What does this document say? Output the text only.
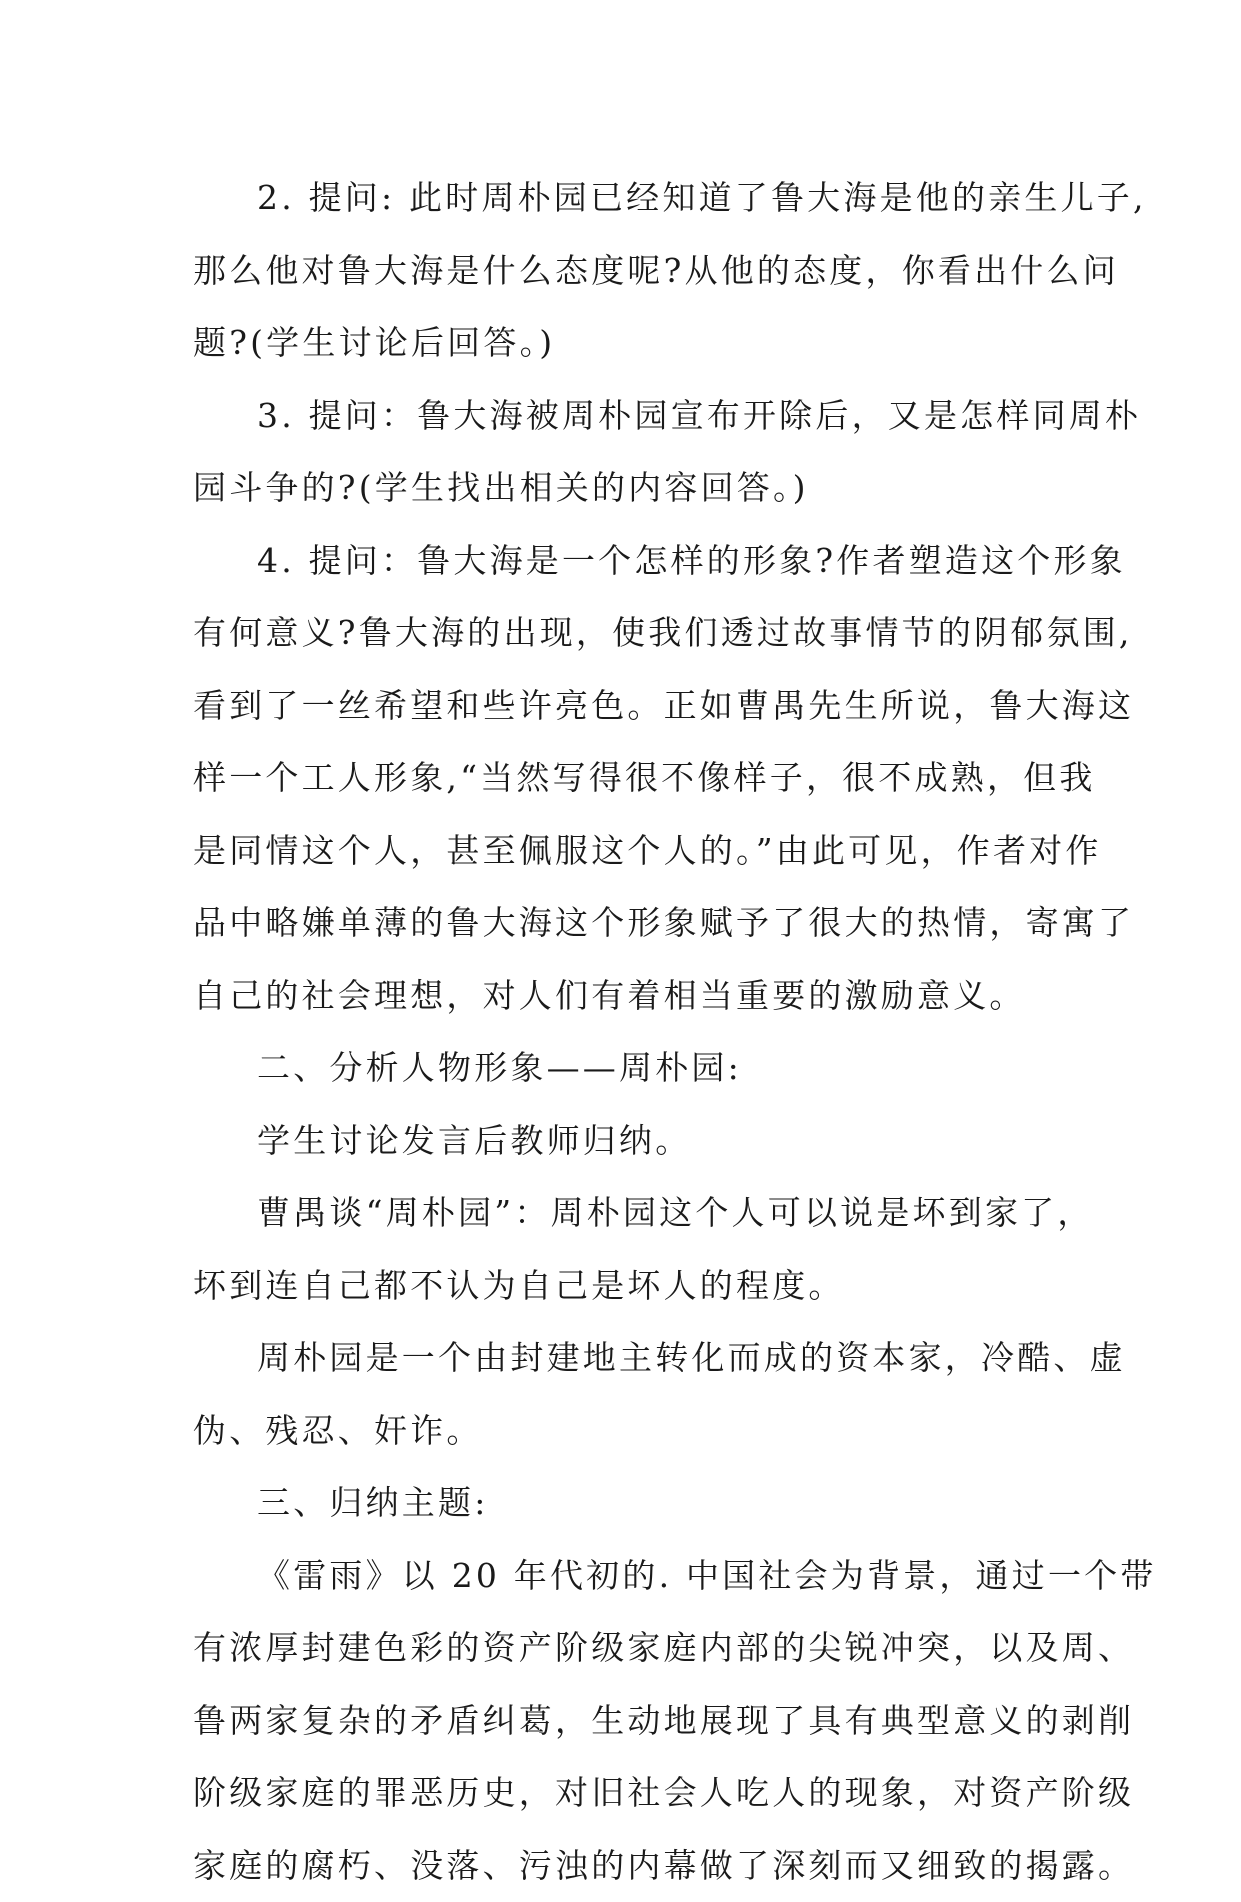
2. 提问: 此时周朴园已经知道了鲁大海是他的亲生儿子,
那么他对鲁大海是什么态度呢?从他的态度，你看出什么问
题?(学生讨论后回答。)

3. 提问：鲁大海被周朴园宣布开除后，又是怎样同周朴
园斗争的?(学生找出相关的内容回答。)

4. 提问：鲁大海是一个怎样的形象?作者塑造这个形象
有何意义?鲁大海的出现，使我们透过故事情节的阴郁氛围,
看到了一丝希望和些许亮色。正如曹禺先生所说，鲁大海这
样一个工人形象,“当然写得很不像样子，很不成熟，但我
是同情这个人，甚至佩服这个人的。”由此可见，作者对作
品中略嫌单薄的鲁大海这个形象赋予了很大的热情，寄寓了
自己的社会理想，对人们有着相当重要的激励意义。

二、分析人物形象——周朴园:

学生讨论发言后教师归纳。

曹禺谈“周朴园”：周朴园这个人可以说是坏到家了，
坏到连自己都不认为自己是坏人的程度。

周朴园是一个由封建地主转化而成的资本家，冷酷、虚
伪、残忍、奸诈。

三、归纳主题:

《雷雨》以 20 年代初的. 中国社会为背景，通过一个带
有浓厚封建色彩的资产阶级家庭内部的尖锐冲突，以及周、
鲁两家复杂的矛盾纠葛，生动地展现了具有典型意义的剥削
阶级家庭的罪恶历史，对旧社会人吃人的现象，对资产阶级
家庭的腐朽、没落、污浊的内幕做了深刻而又细致的揭露。
